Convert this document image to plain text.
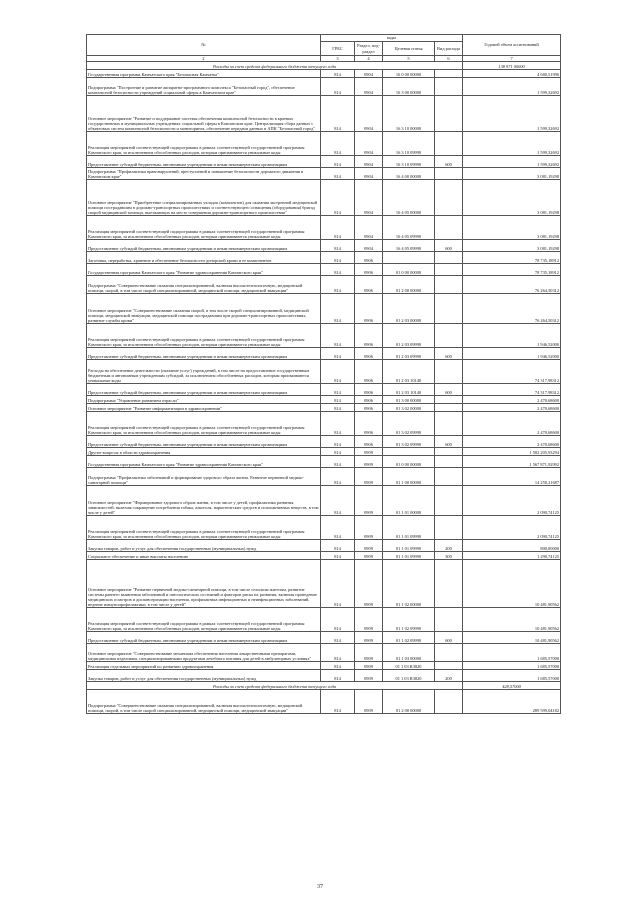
№	коды				Годовой объем ассигнований
	ГРБС	Раздел, под-раздел	Целевая статья	Вид расхода	
2	3	4	5	6	7
Расходы за счет средств федерального бюджета текущего года					138 971 00000
Государственная программа Камчатского края "Безопасная Камчатка"	814	0904	16 0 00 00000		4 680,51996
Подпрограмма "Построение и развитие аппаратно-программного комплекса "Безопасный город", обеспечение комплексной безопасности учреждений социальной сферы в Камчатском крае"	814	0904	16 3 00 00000		1 599,32692
Основное мероприятие "Развитие и поддержание системы обеспечения комплексной безопасности в краевых государственных и муниципальных учреждениях социальной сферы в Камчатском крае. Централизация сбора данных с объектовых систем комплексной безопасности и мониторинга, обеспечение передачи данных в АПК "Безопасный город"	814	0904	16 3 10 00000		1 599,32692
Реализация мероприятий соответствующей подпрограммы в рамках соответствующей государственной программы Камчатского края, за исключением обособленных расходов, которым присваиваются уникальные коды	814	0904	16 3 10 09990		1 599,32692
Предоставление субсидий бюджетным, автономным учреждениям и иным некоммерческим организациям	814	0904	16 3 10 09990	600	1 599,32692
Подпрограмма "Профилактика правонарушений, преступлений и повышение безопасности дорожного движения в Камчатском крае"	814	0904	16 4 00 00000		3 081,19298
Основное мероприятие "Приобретение специализированных укладок (комплектов) для оказания экстренной медицинской помощи пострадавшим в дорожно-транспортных происшествиях и соответствующего оснащения (оборудования) бригад скорой медицинской помощи, выезжающих на место совершения дорожно-транспортного происшествия"	814	0904	16 4 05 00000		3 081,19298
Реализация мероприятий соответствующей подпрограммы в рамках соответствующей государственной программы Камчатского края, за исключением обособленных расходов, которым присваиваются уникальные коды	814	0904	16 4 05 09990		3 081,19298
Предоставление субсидий бюджетным, автономным учреждениям и иным некоммерческим организациям	814	0904	16 4 05 09990	600	3 081,19298
Заготовка, переработка, хранение и обеспечение безопасности донорской крови и ее компонентов	814	0906			78 735,18912
Государственная программа Камчатского края "Развитие здравоохранения Камчатского края"	814	0906	01 0 00 00000		78 735,18912
Подпрограмма "Совершенствование оказания специализированной, включая высокотехнологичную, медицинской помощи, скорой, в том числе скорой специализированной, медицинской помощи, медицинской эвакуации"	814	0906	01 2 00 00000		76 264,50312
Основное мероприятие "Совершенствование оказания скорой, в том числе скорой специализированной, медицинской помощи, медицинской эвакуации, медицинской помощи пострадавшим при дорожно-транспортных происшествиях, развитие службы крови"	814	0906	01 2 03 00000		76 264,50312
Реализация мероприятий соответствующей подпрограммы в рамках соответствующей государственной программы Камчатского края, за исключением обособленных расходов, которым присваиваются уникальные коды	814	0906	01 2 03 09990		1 946,52000
Предоставление субсидий бюджетным, автономным учреждениям и иным некоммерческим организациям	814	0906	01 2 03 09990	600	1 946,52000
Расходы на обеспечение деятельности (оказание услуг) учреждений, в том числе на предоставление государственным бюджетным и автономным учреждениям субсидий, за исключением обособленных расходов, которым присваиваются уникальные коды	814	0906	01 2 03 10140		74 317,98312
Предоставление субсидий бюджетным, автономным учреждениям и иным некоммерческим организациям	814	0906	01 2 03 10140	600	74 317,98312
Подпрограмма "Управление развитием отрасли"	814	0906	01 3 00 00000		2 470,68600
Основное мероприятие "Развитие информатизации в здравоохранении"	814	0906	01 3 02 00000		2 470,68600
Реализация мероприятий соответствующей подпрограммы в рамках соответствующей государственной программы Камчатского края, за исключением обособленных расходов, которым присваиваются уникальные коды	814	0906	01 3 02 09990		2 470,68600
Предоставление субсидий бюджетным, автономным учреждениям и иным некоммерческим организациям	814	0906	01 3 02 09990	600	2 470,68600
Другие вопросы в области здравоохранения	814	0909			1 582 205,93294
Государственная программа Камчатского края "Развитие здравоохранения Камчатского края"	814	0909	01 0 00 00000		1 567 871,92992
Подпрограмма "Профилактика заболеваний и формирование здорового образа жизни. Развитие первичной медико-санитарной помощи"	814	0909	01 1 00 00000		14 258,21687
Основное мероприятие "Формирование здорового образа жизни, в том числе у детей, профилактика развития зависимостей, включая сокращение потребления табака, алкоголя, наркотических средств и психоактивных веществ, в том числе у детей"	814	0909	01 1 01 00000		2 090,74125
Реализация мероприятий соответствующей подпрограммы в рамках соответствующей государственной программы Камчатского края, за исключением обособленных расходов, которым присваиваются уникальные коды	814	0909	01 1 01 09990		2 090,74125
Закупка товаров, работ и услуг для обеспечения государственных (муниципальных) нужд	814	0909	01 1 01 09990	200	800,00000
Социальное обеспечение и иные выплаты населению	814	0909	01 1 01 09990	300	1 290,74125
Основное мероприятие "Развитие первичной медико-санитарной помощи, в том числе сельским жителям, развитие системы раннего выявления заболеваний и патологических состояний и факторов риска их развития, включая проведение медицинских осмотров и диспансеризации населения, профилактика инфекционных и неинфекционных заболеваний, ведение иммунопрофилактики, в том числе у детей"	814	0909	01 1 02 00000		10 481,90562
Реализация мероприятий соответствующей подпрограммы в рамках соответствующей государственной программы Камчатского края, за исключением обособленных расходов, которым присваиваются уникальные коды	814	0909	01 1 02 09990		10 481,90562
Предоставление субсидий бюджетным, автономным учреждениям и иным некоммерческим организациям	814	0909	01 1 02 09990	600	10 481,90562
Основное мероприятие "Совершенствование механизма обеспечения населения лекарственными препаратами, медицинскими изделиями, специализированными продуктами лечебного питания для детей в амбулаторных условиях"	814	0909	01 1 03 00000		1 685,57000
Реализация отдельных мероприятий по развитию здравоохранения	814	0909	01 1 03 R3820		1 685,57000
Закупка товаров, работ и услуг для обеспечения государственных (муниципальных) нужд	814	0909	01 1 03 R3820	200	1 685,57000
Расходы за счет средств федерального бюджета текущего года					428,57000
Подпрограмма "Совершенствование оказания специализированной, включая высокотехнологичную, медицинской помощи, скорой, в том числе скорой специализированной, медицинской помощи, медицинской эвакуации"	814	0909	01 2 00 00000		289 599,04182
37
